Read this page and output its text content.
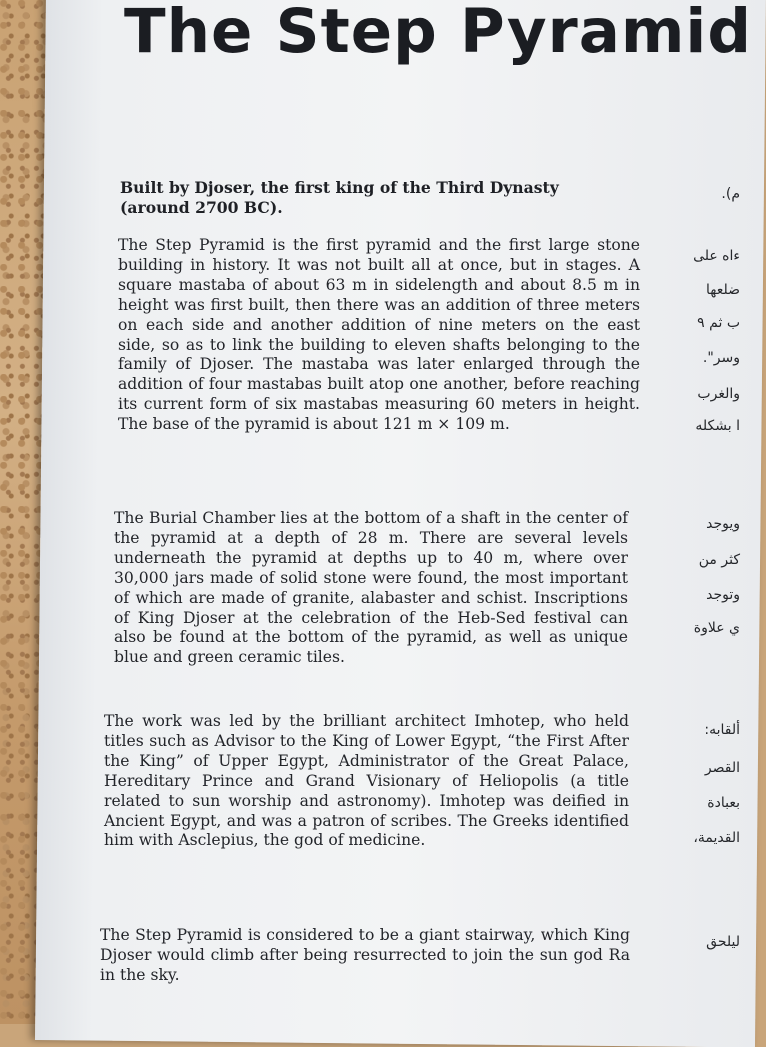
The Step Pyramid
Built by Djoser, the first king of the Third Dynasty (around 2700 BC).
The Step Pyramid is the first pyramid and the first large stone building in history. It was not built all at once, but in stages. A square mastaba of about 63 m in sidelength and about 8.5 m in height was first built, then there was an addition of three meters on each side and another addition of nine meters on the east side, so as to link the building to eleven shafts belonging to the family of Djoser. The mastaba was later enlarged through the addition of four mastabas built atop one another, before reaching its current form of six mastabas measuring 60 meters in height. The base of the pyramid is about 121 m × 109 m.
The Burial Chamber lies at the bottom of a shaft in the center of the pyramid at a depth of 28 m. There are several levels underneath the pyramid at depths up to 40 m, where over 30,000 jars made of solid stone were found, the most important of which are made of granite, alabaster and schist. Inscriptions of King Djoser at the celebration of the Heb-Sed festival can also be found at the bottom of the pyramid, as well as unique blue and green ceramic tiles.
The work was led by the brilliant architect Imhotep, who held titles such as Advisor to the King of Lower Egypt, “the First After the King” of Upper Egypt, Administrator of the Great Palace, Hereditary Prince and Grand Visionary of Heliopolis (a title related to sun worship and astronomy). Imhotep was deified in Ancient Egypt, and was a patron of scribes. The Greeks identified him with Asclepius, the god of medicine.
The Step Pyramid is considered to be a giant stairway, which King Djoser would climb after being resurrected to join the sun god Ra in the sky.
م).
ءاه على
ضلعها
ب ثم ٩
وسر".
والغرب
ا بشكله
ويوجد
كثر من
وتوجد
ي علاوة
ألقابه:
القصر
بعبادة
القديمة،
ليلحق
